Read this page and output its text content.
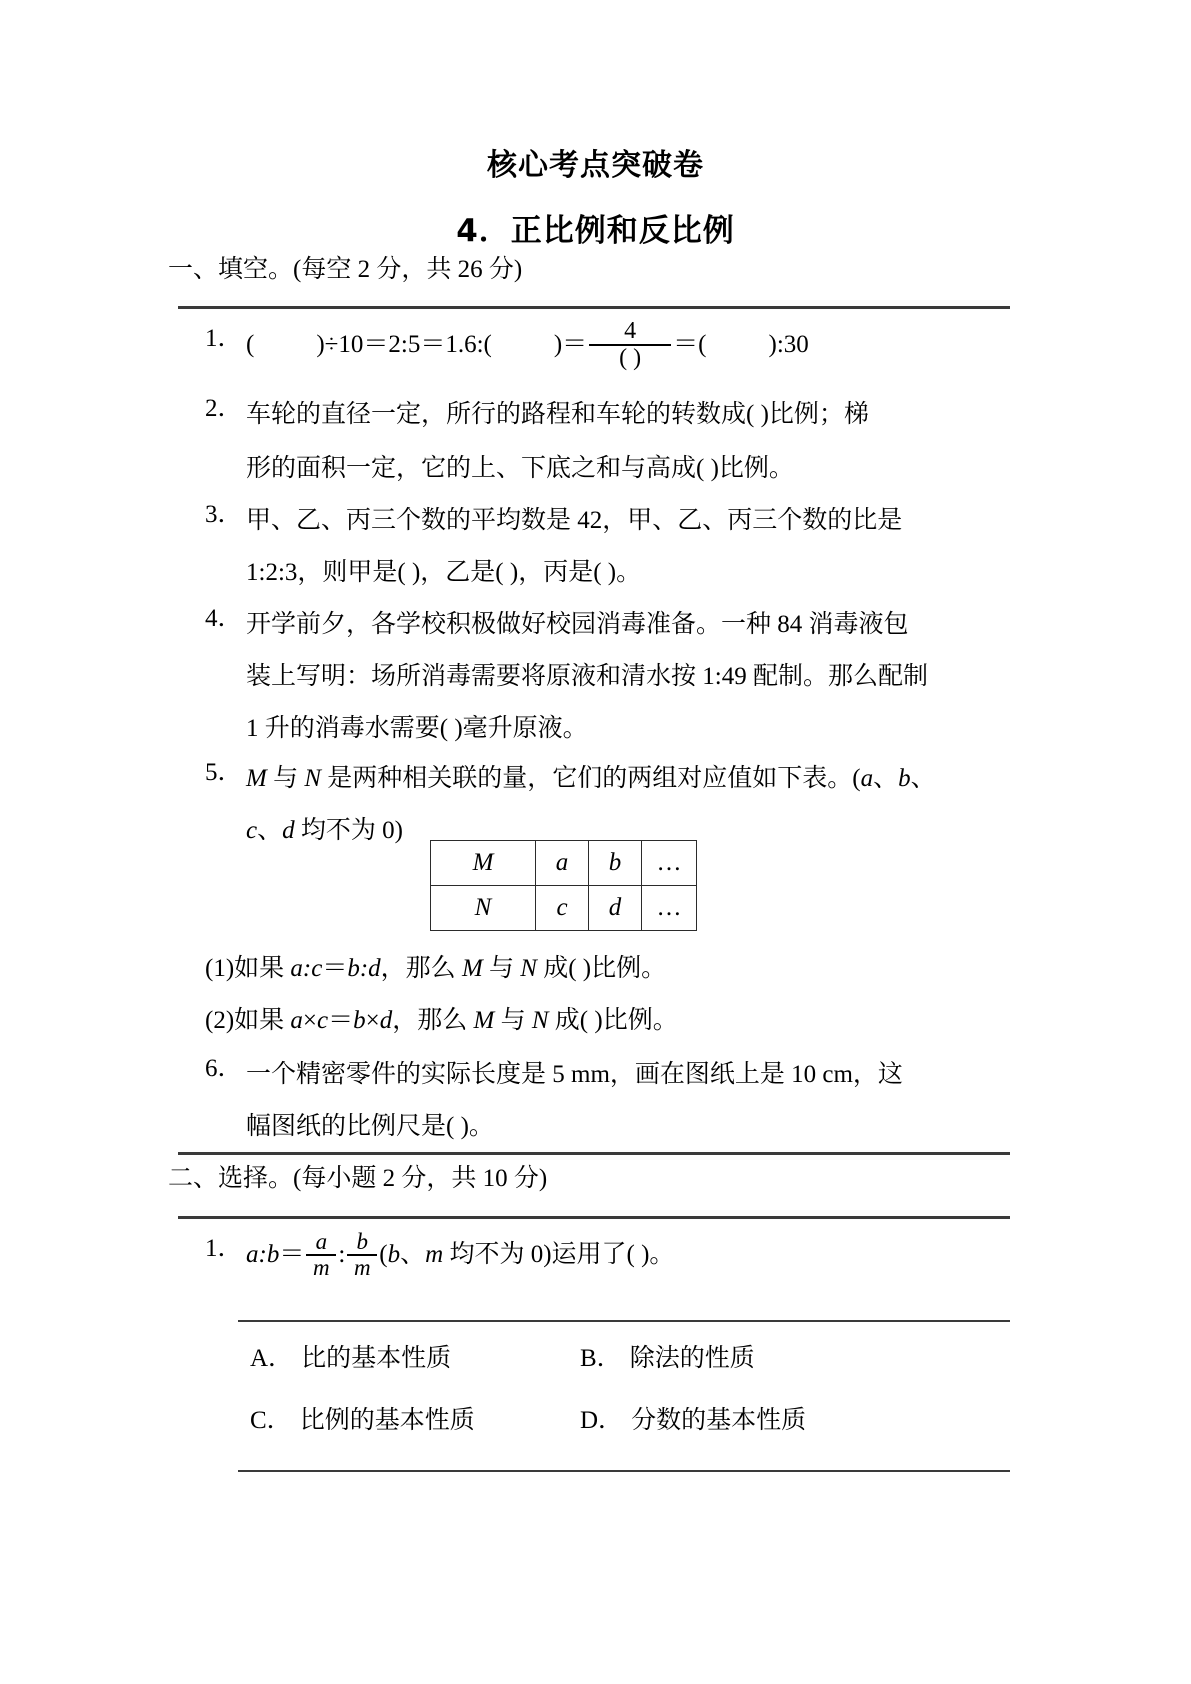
核心考点突破卷
4．正比例和反比例
一、填空。(每空 2 分，共 26 分)
1． ( )÷10＝2:5＝1.6:( )＝ $\frac{4}{( )}$ ＝( ):30
2． 车轮的直径一定，所行的路程和车轮的转数成( )比例；梯
形的面积一定，它的上、下底之和与高成( )比例。
3． 甲、乙、丙三个数的平均数是 42，甲、乙、丙三个数的比是
1:2:3，则甲是( )，乙是( )，丙是( )。
4． 开学前夕，各学校积极做好校园消毒准备。一种 84 消毒液包
装上写明：场所消毒需要将原液和清水按 1:49 配制。那么配制
1 升的消毒水需要( )毫升原液。
5． M 与 N 是两种相关联的量，它们的两组对应值如下表。(a、b、
c、d 均不为 0)
M	a	b	…
N	c	d	…
(1)如果 a:c＝b:d，那么 M 与 N 成( )比例。
(2)如果 a×c＝b×d，那么 M 与 N 成( )比例。
6． 一个精密零件的实际长度是 5 mm，画在图纸上是 10 cm，这
幅图纸的比例尺是( )。
二、选择。(每小题 2 分，共 10 分)
1． a:b＝ $\frac{a}{m}$ : $\frac{b}{m} (b$、m 均不为 0)运用了( )。
A． 比的基本性质	B． 除法的性质
C． 比例的基本性质	D． 分数的基本性质
